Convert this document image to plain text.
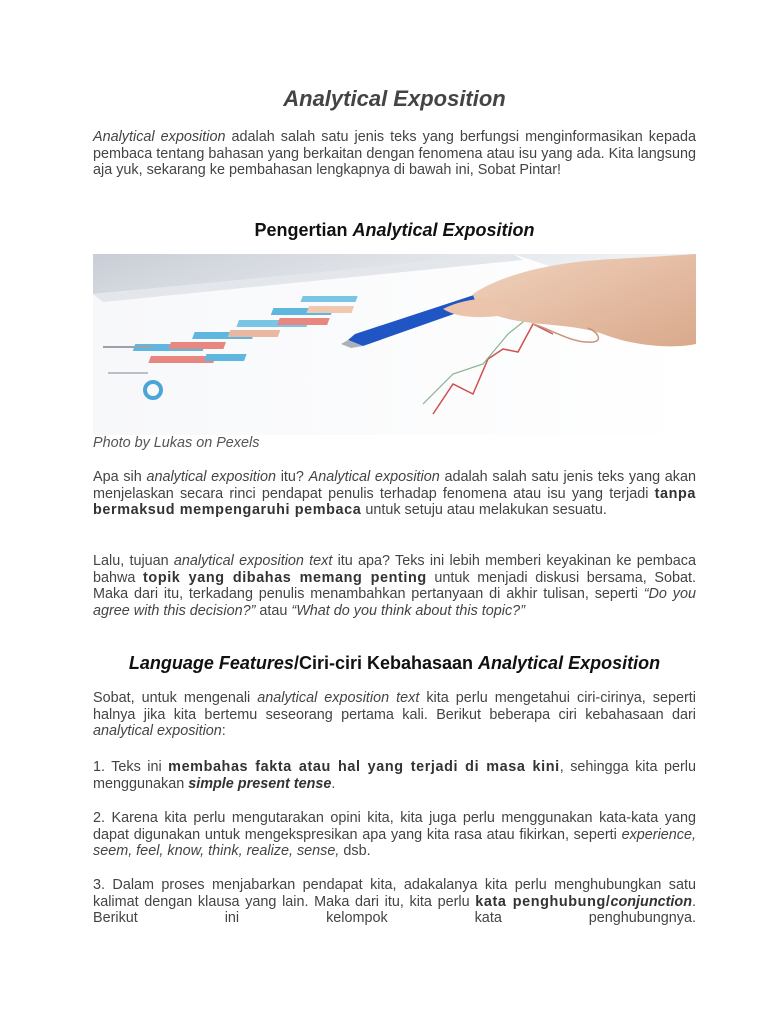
Analytical Exposition

Analytical exposition adalah salah satu jenis teks yang berfungsi menginformasikan kepada pembaca tentang bahasan yang berkaitan dengan fenomena atau isu yang ada. Kita langsung aja yuk, sekarang ke pembahasan lengkapnya di bawah ini, Sobat Pintar!

Pengertian Analytical Exposition
Photo by Lukas on Pexels

Apa sih analytical exposition itu? Analytical exposition adalah salah satu jenis teks yang akan menjelaskan secara rinci pendapat penulis terhadap fenomena atau isu yang terjadi tanpa bermaksud mempengaruhi pembaca untuk setuju atau melakukan sesuatu.

Lalu, tujuan analytical exposition text itu apa? Teks ini lebih memberi keyakinan ke pembaca bahwa topik yang dibahas memang penting untuk menjadi diskusi bersama, Sobat. Maka dari itu, terkadang penulis menambahkan pertanyaan di akhir tulisan, seperti “Do you agree with this decision?” atau “What do you think about this topic?”

Language Features/Ciri-ciri Kebahasaan Analytical Exposition

Sobat, untuk mengenali analytical exposition text kita perlu mengetahui ciri-cirinya, seperti halnya jika kita bertemu seseorang pertama kali. Berikut beberapa ciri kebahasaan dari analytical exposition:

1. Teks ini membahas fakta atau hal yang terjadi di masa kini, sehingga kita perlu menggunakan simple present tense.

2. Karena kita perlu mengutarakan opini kita, kita juga perlu menggunakan kata-kata yang dapat digunakan untuk mengekspresikan apa yang kita rasa atau fikirkan, seperti experience, seem, feel, know, think, realize, sense, dsb.

3. Dalam proses menjabarkan pendapat kita, adakalanya kita perlu menghubungkan satu kalimat dengan klausa yang lain. Maka dari itu, kita perlu kata penghubung/conjunction. Berikut ini kelompok kata penghubungnya.
